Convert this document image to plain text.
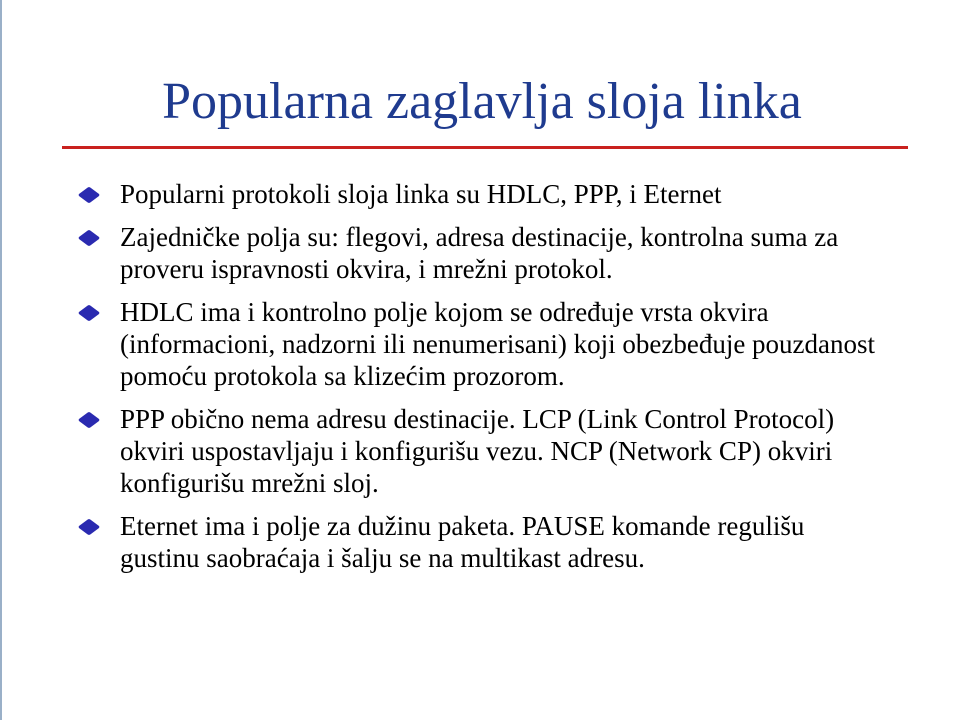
Popularna zaglavlja sloja linka
Popularni protokoli sloja linka su HDLC, PPP, i Eternet
Zajedničke polja su: flegovi, adresa destinacije, kontrolna suma za proveru ispravnosti okvira, i mrežni protokol.
HDLC ima i kontrolno polje kojom se određuje vrsta okvira (informacioni, nadzorni ili nenumerisani) koji obezbeđuje pouzdanost pomoću protokola sa klizećim prozorom.
PPP obično nema adresu destinacije. LCP (Link Control Protocol) okviri uspostavljaju i konfigurišu vezu. NCP (Network CP) okviri konfigurišu mrežni sloj.
Eternet ima i polje za dužinu paketa. PAUSE komande regulišu gustinu saobraćaja i šalju se na multikast adresu.
